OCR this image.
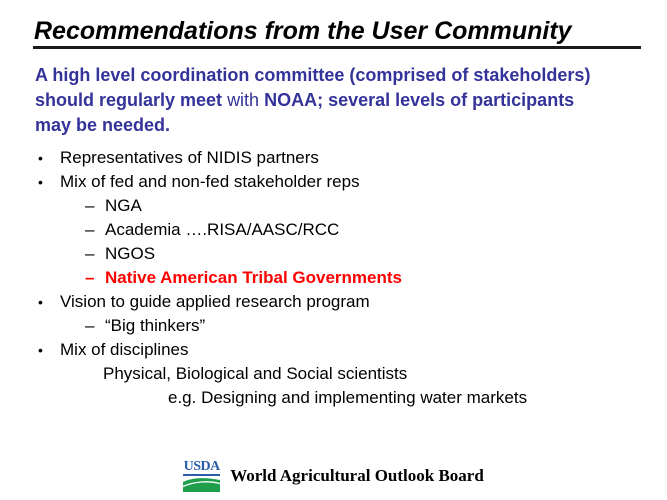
Recommendations from the User Community
A high level coordination committee (comprised of stakeholders)
should regularly meet with NOAA; several levels of participants
may be needed.
• Representatives of NIDIS partners
• Mix of fed and non-fed stakeholder reps
– NGA
– Academia ….RISA/AASC/RCC
– NGOS
– Native American Tribal Governments
• Vision to guide applied research program
– “Big thinkers”
• Mix of disciplines
Physical, Biological and Social scientists
e.g. Designing and implementing water markets
USDA World Agricultural Outlook Board
